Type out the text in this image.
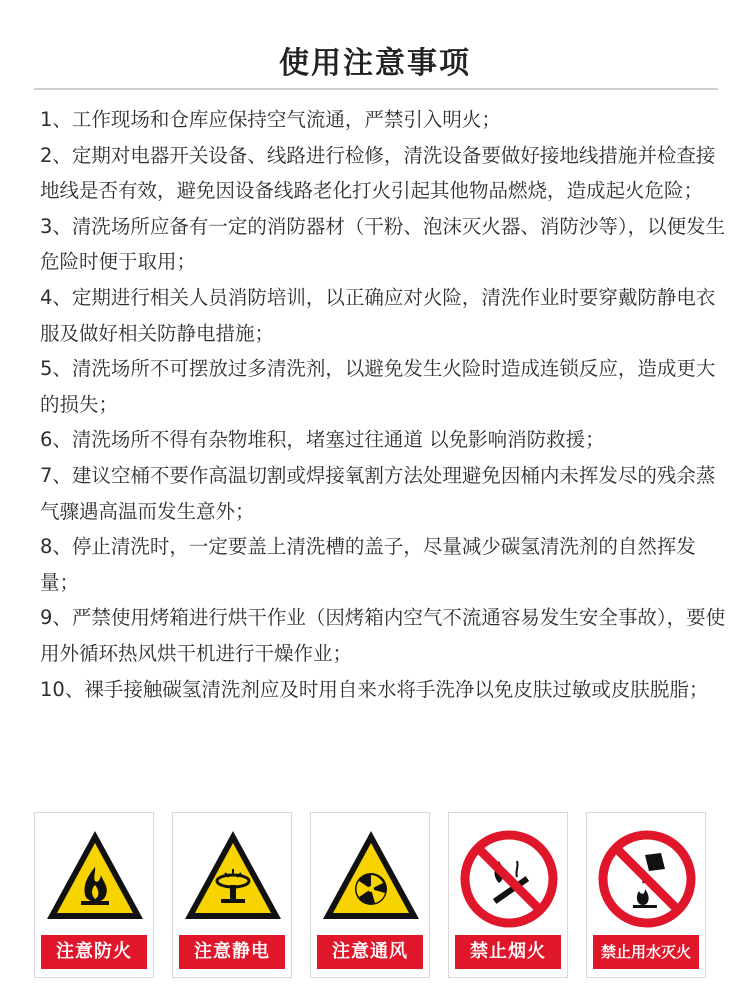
使用注意事项

1、工作现场和仓库应保持空气流通，严禁引入明火；

2、定期对电器开关设备、线路进行检修，清洗设备要做好接地线措施并检查接地线是否有效，避免因设备线路老化打火引起其他物品燃烧，造成起火危险；

3、清洗场所应备有一定的消防器材（干粉、泡沫灭火器、消防沙等），以便发生危险时便于取用；

4、定期进行相关人员消防培训，以正确应对火险，清洗作业时要穿戴防静电衣服及做好相关防静电措施；

5、清洗场所不可摆放过多清洗剂，以避免发生火险时造成连锁反应，造成更大的损失；

6、清洗场所不得有杂物堆积，堵塞过往通道 以免影响消防救援；

7、建议空桶不要作高温切割或焊接氧割方法处理避免因桶内未挥发尽的残余蒸气骤遇高温而发生意外；

8、停止清洗时，一定要盖上清洗槽的盖子，尽量减少碳氢清洗剂的自然挥发量；

9、严禁使用烤箱进行烘干作业（因烤箱内空气不流通容易发生安全事故），要使用外循环热风烘干机进行干燥作业；

10、裸手接触碳氢清洗剂应及时用自来水将手洗净以免皮肤过敏或皮肤脱脂；

注意防火	注意静电	注意通风	禁止烟火	禁止用水灭火
